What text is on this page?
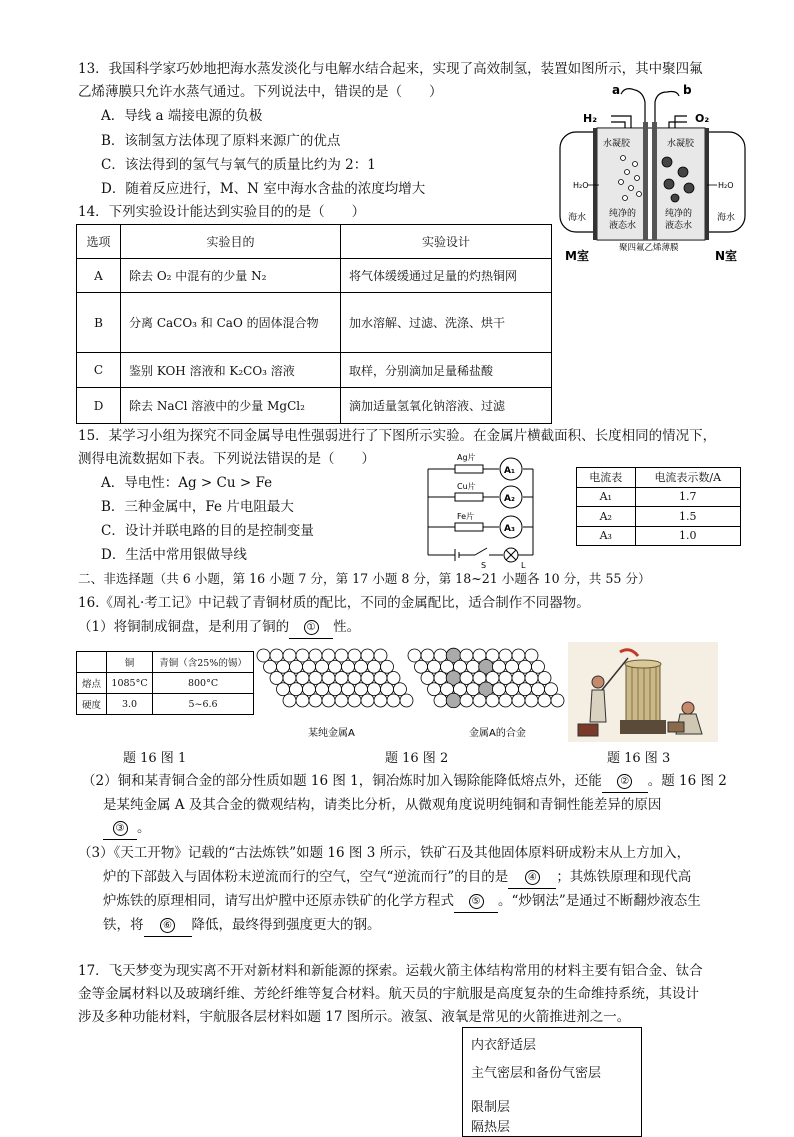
13．我国科学家巧妙地把海水蒸发淡化与电解水结合起来，实现了高效制氢，装置如图所示，其中聚四氟
乙烯薄膜只允许水蒸气通过。下列说法中，错误的是（　　）
A．导线 a 端接电源的负极
B．该制氢方法体现了原料来源广的优点
C．该法得到的氢气与氧气的质量比约为 2：1
D．随着反应进行，M、N 室中海水含盐的浓度均增大
a	b
H₂	O₂
水凝胶	水凝胶
H₂O	H₂O
海水	海水
纯净的
液态水
纯净的
液态水
聚四氟乙烯薄膜
M室	N室
14．下列实验设计能达到实验目的的是（　　）
选项	实验目的	实验设计
A	除去 O₂ 中混有的少量 N₂	将气体缓缓通过足量的灼热铜网
B	分离 CaCO₃ 和 CaO 的固体混合物	加水溶解、过滤、洗涤、烘干
C	鉴别 KOH 溶液和 K₂CO₃ 溶液	取样，分别滴加足量稀盐酸
D	除去 NaCl 溶液中的少量 MgCl₂	滴加适量氢氧化钠溶液、过滤
15．某学习小组为探究不同金属导电性强弱进行了下图所示实验。在金属片横截面积、长度相同的情况下，
测得电流数据如下表。下列说法错误的是（　　）
A．导电性：Ag > Cu > Fe
B．三种金属中，Fe 片电阻最大
C．设计并联电路的目的是控制变量
D．生活中常用银做导线
Ag片
Cu片
Fe片
A₁
A₂
A₃
S	L
电流表	电流表示数/A
A₁	1.7
A₂	1.5
A₃	1.0
二、非选择题（共 6 小题，第 16 小题 7 分，第 17 小题 8 分，第 18~21 小题各 10 分，共 55 分）
16.《周礼·考工记》中记载了青铜材质的配比，不同的金属配比，适合制作不同器物。
（1）将铜制成铜盘，是利用了铜的 ① 性。
	铜	青铜（含25%的锡）
熔点	1085°C	800°C
硬度	3.0	5~6.6
某纯金属A	金属A的合金
题 16 图 1	题 16 图 2	题 16 图 3
（2）铜和某青铜合金的部分性质如题 16 图 1，铜冶炼时加入锡除能降低熔点外，还能 ② 。题 16 图 2
是某纯金属 A 及其合金的微观结构，请类比分析，从微观角度说明纯铜和青铜性能差异的原因
③ 。
（3）《天工开物》记载的“古法炼铁”如题 16 图 3 所示，铁矿石及其他固体原料研成粉末从上方加入，
炉的下部鼓入与固体粉末逆流而行的空气，空气“逆流而行”的目的是 ④ ；其炼铁原理和现代高
炉炼铁的原理相同，请写出炉膛中还原赤铁矿的化学方程式 ⑤ 。“炒钢法”是通过不断翻炒液态生
铁，将 ⑥ 降低，最终得到强度更大的钢。
17．飞天梦变为现实离不开对新材料和新能源的探索。运载火箭主体结构常用的材料主要有铝合金、钛合
金等金属材料以及玻璃纤维、芳纶纤维等复合材料。航天员的宇航服是高度复杂的生命维持系统，其设计
涉及多种功能材料，宇航服各层材料如题 17 图所示。液氢、液氧是常见的火箭推进剂之一。
内衣舒适层
主气密层和备份气密层
限制层
隔热层
